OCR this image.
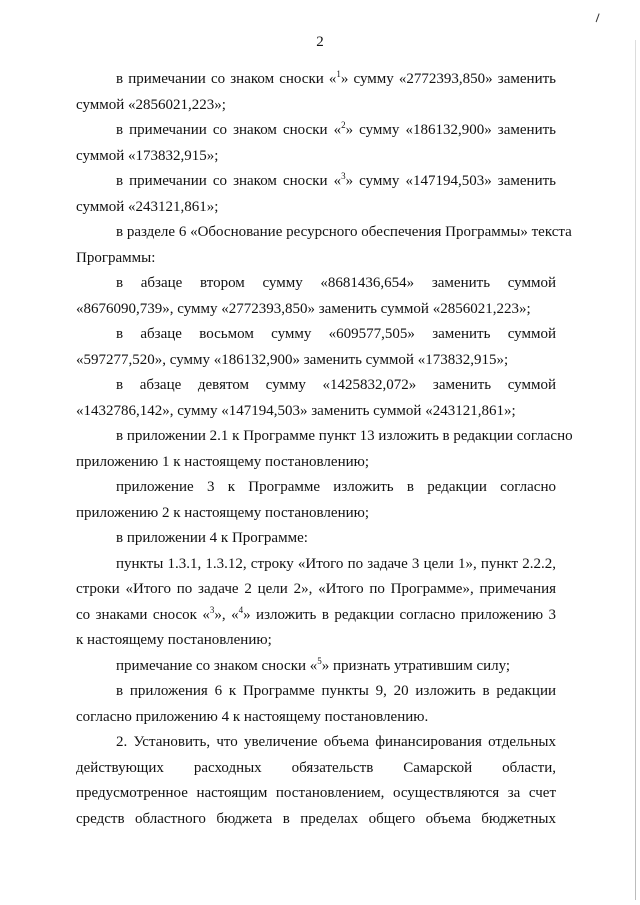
2
в примечании со знаком сноски «$^1$» сумму «2772393,850» заменить
суммой «2856021,223»;
в примечании со знаком сноски «$^2$» сумму «186132,900» заменить
суммой «173832,915»;
в примечании со знаком сноски «$^3$» сумму «147194,503» заменить
суммой «243121,861»;
в разделе 6 «Обоснование ресурсного обеспечения Программы» текста
Программы:
в абзаце втором сумму «8681436,654» заменить суммой
«8676090,739», сумму «2772393,850» заменить суммой «2856021,223»;
в абзаце восьмом сумму «609577,505» заменить суммой
«597277,520», сумму «186132,900» заменить суммой «173832,915»;
в абзаце девятом сумму «1425832,072» заменить суммой
«1432786,142», сумму «147194,503» заменить суммой «243121,861»;
в приложении 2.1 к Программе пункт 13 изложить в редакции согласно
приложению 1 к настоящему постановлению;
приложение 3 к Программе изложить в редакции согласно
приложению 2 к настоящему постановлению;
в приложении 4 к Программе:
пункты 1.3.1, 1.3.12, строку «Итого по задаче 3 цели 1», пункт 2.2.2,
строки «Итого по задаче 2 цели 2», «Итого по Программе», примечания
со знаками сносок «$^3$», «$^4$» изложить в редакции согласно приложению 3
к настоящему постановлению;
примечание со знаком сноски «$^5$» признать утратившим силу;
в приложения 6 к Программе пункты 9, 20 изложить в редакции
согласно приложению 4 к настоящему постановлению.
2. Установить, что увеличение объема финансирования отдельных
действующих расходных обязательств Самарской области,
предусмотренное настоящим постановлением, осуществляются за счет
средств областного бюджета в пределах общего объема бюджетных
